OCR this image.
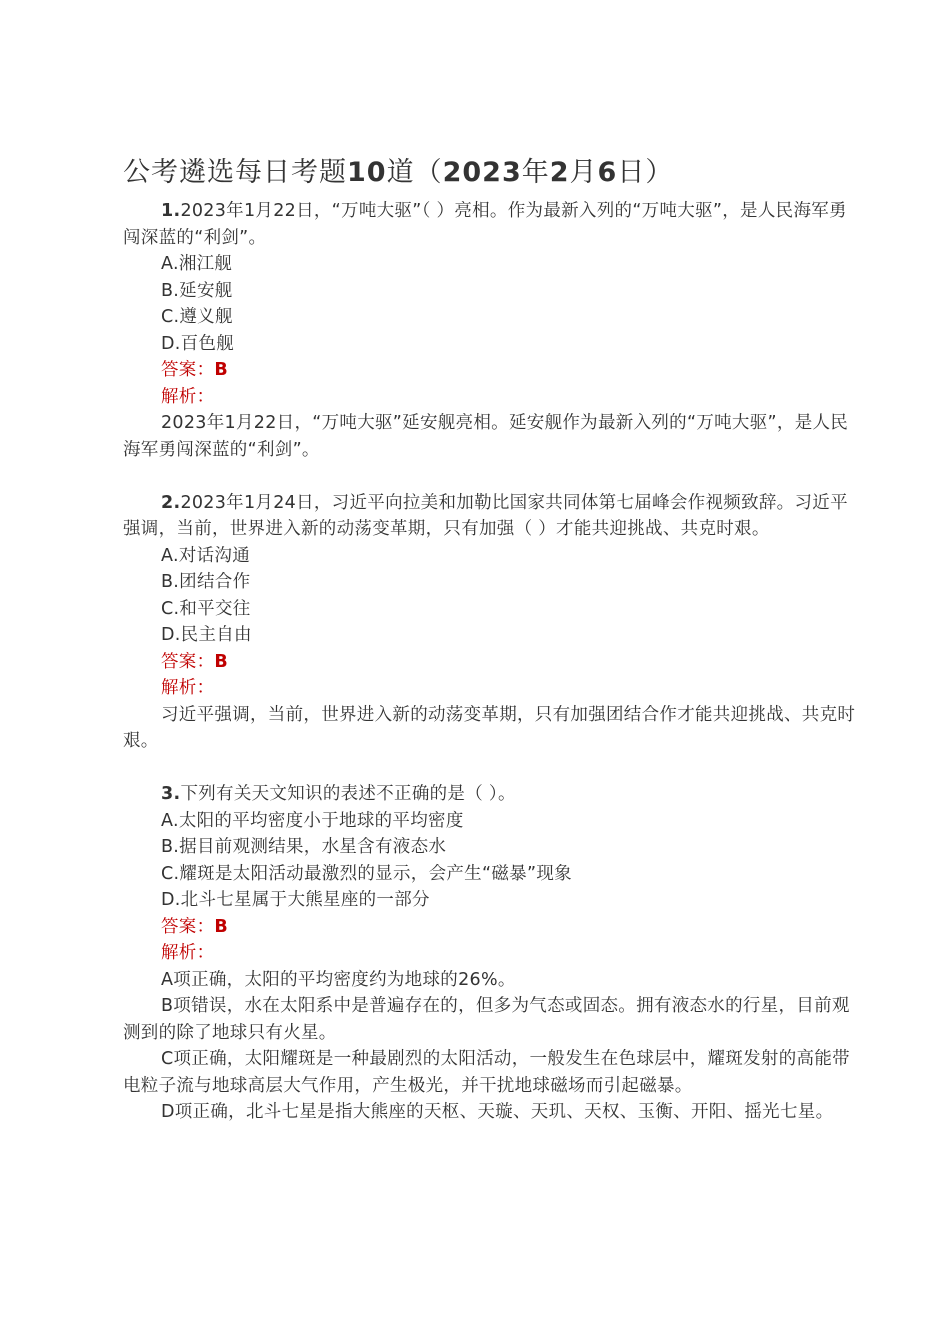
公考遴选每日考题10道（2023年2月6日）

1.2023年1月22日，“万吨大驱”（ ）亮相。作为最新入列的“万吨大驱”，是人民海军勇闯深蓝的“利剑”。

A.湘江舰

B.延安舰

C.遵义舰

D.百色舰

答案：B

解析：

2023年1月22日，“万吨大驱”延安舰亮相。延安舰作为最新入列的“万吨大驱”，是人民海军勇闯深蓝的“利剑”。

2.2023年1月24日，习近平向拉美和加勒比国家共同体第七届峰会作视频致辞。习近平强调，当前，世界进入新的动荡变革期，只有加强（ ）才能共迎挑战、共克时艰。

A.对话沟通

B.团结合作

C.和平交往

D.民主自由

答案：B

解析：

习近平强调，当前，世界进入新的动荡变革期，只有加强团结合作才能共迎挑战、共克时艰。

3.下列有关天文知识的表述不正确的是（ ）。

A.太阳的平均密度小于地球的平均密度

B.据目前观测结果，水星含有液态水

C.耀斑是太阳活动最激烈的显示，会产生“磁暴”现象

D.北斗七星属于大熊星座的一部分

答案：B

解析：

A项正确，太阳的平均密度约为地球的26%。

B项错误，水在太阳系中是普遍存在的，但多为气态或固态。拥有液态水的行星，目前观测到的除了地球只有火星。

C项正确，太阳耀斑是一种最剧烈的太阳活动，一般发生在色球层中，耀斑发射的高能带电粒子流与地球高层大气作用，产生极光，并干扰地球磁场而引起磁暴。

D项正确，北斗七星是指大熊座的天枢、天璇、天玑、天权、玉衡、开阳、摇光七星。
